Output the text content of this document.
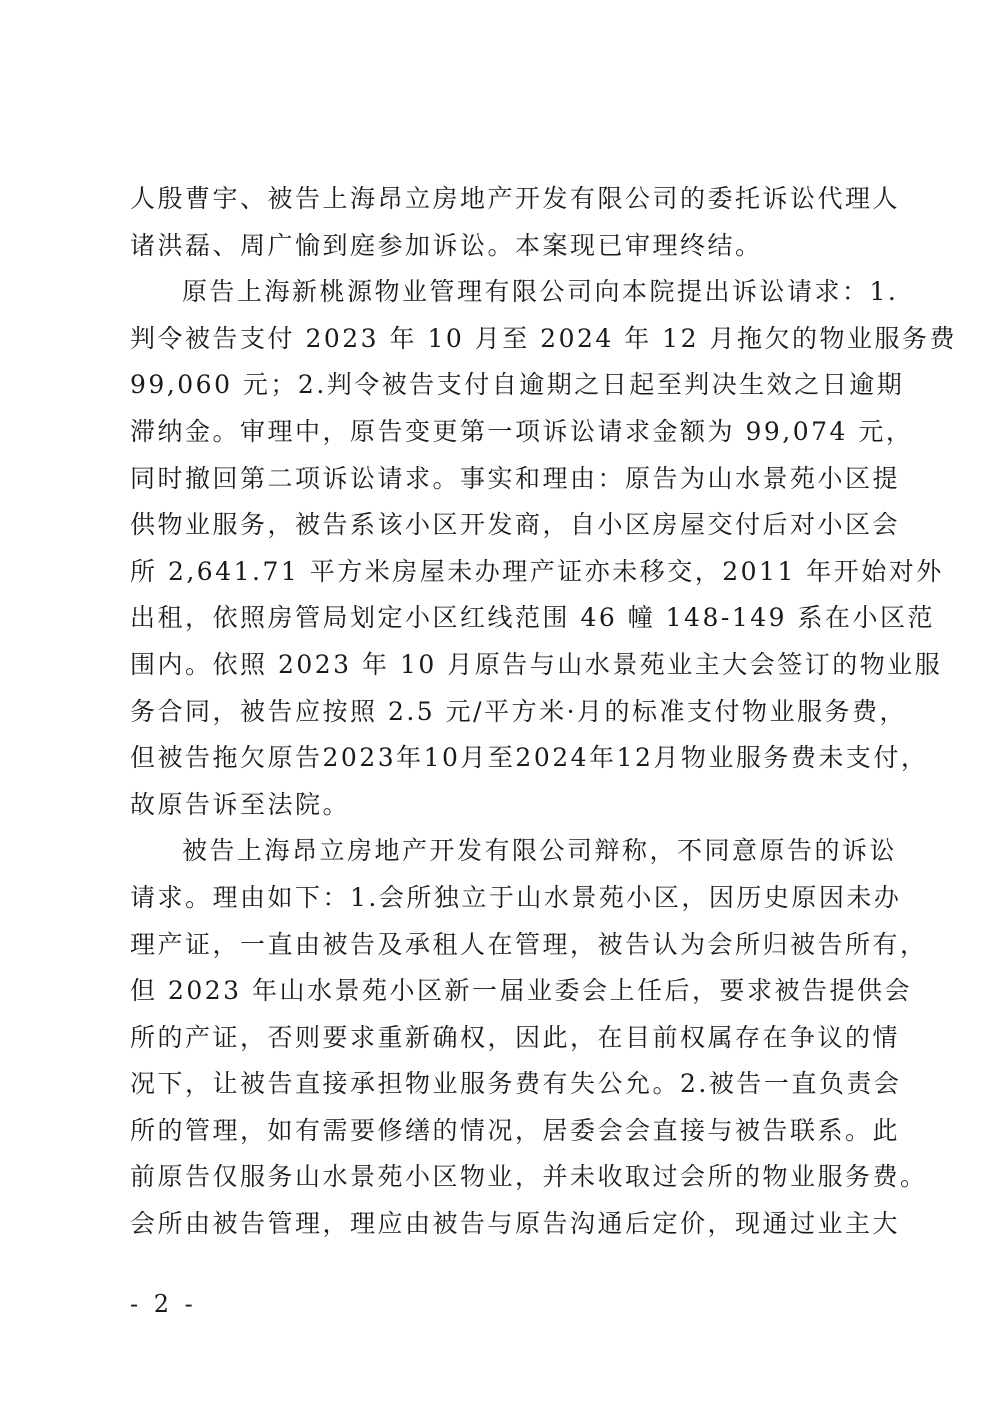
人殷曹宇、被告上海昂立房地产开发有限公司的委托诉讼代理人
诸洪磊、周广愉到庭参加诉讼。本案现已审理终结。
原告上海新桃源物业管理有限公司向本院提出诉讼请求：1.
判令被告支付 2023 年 10 月至 2024 年 12 月拖欠的物业服务费
99,060 元；2.判令被告支付自逾期之日起至判决生效之日逾期
滞纳金。审理中，原告变更第一项诉讼请求金额为 99,074 元，
同时撤回第二项诉讼请求。事实和理由：原告为山水景苑小区提
供物业服务，被告系该小区开发商，自小区房屋交付后对小区会
所 2,641.71 平方米房屋未办理产证亦未移交，2011 年开始对外
出租，依照房管局划定小区红线范围 46 幢 148-149 系在小区范
围内。依照 2023 年 10 月原告与山水景苑业主大会签订的物业服
务合同，被告应按照 2.5 元/平方米·月的标准支付物业服务费，
但被告拖欠原告2023年10月至2024年12月物业服务费未支付，
故原告诉至法院。
被告上海昂立房地产开发有限公司辩称，不同意原告的诉讼
请求。理由如下：1.会所独立于山水景苑小区，因历史原因未办
理产证，一直由被告及承租人在管理，被告认为会所归被告所有，
但 2023 年山水景苑小区新一届业委会上任后，要求被告提供会
所的产证，否则要求重新确权，因此，在目前权属存在争议的情
况下，让被告直接承担物业服务费有失公允。2.被告一直负责会
所的管理，如有需要修缮的情况，居委会会直接与被告联系。此
前原告仅服务山水景苑小区物业，并未收取过会所的物业服务费。
会所由被告管理，理应由被告与原告沟通后定价，现通过业主大
- 2 -
